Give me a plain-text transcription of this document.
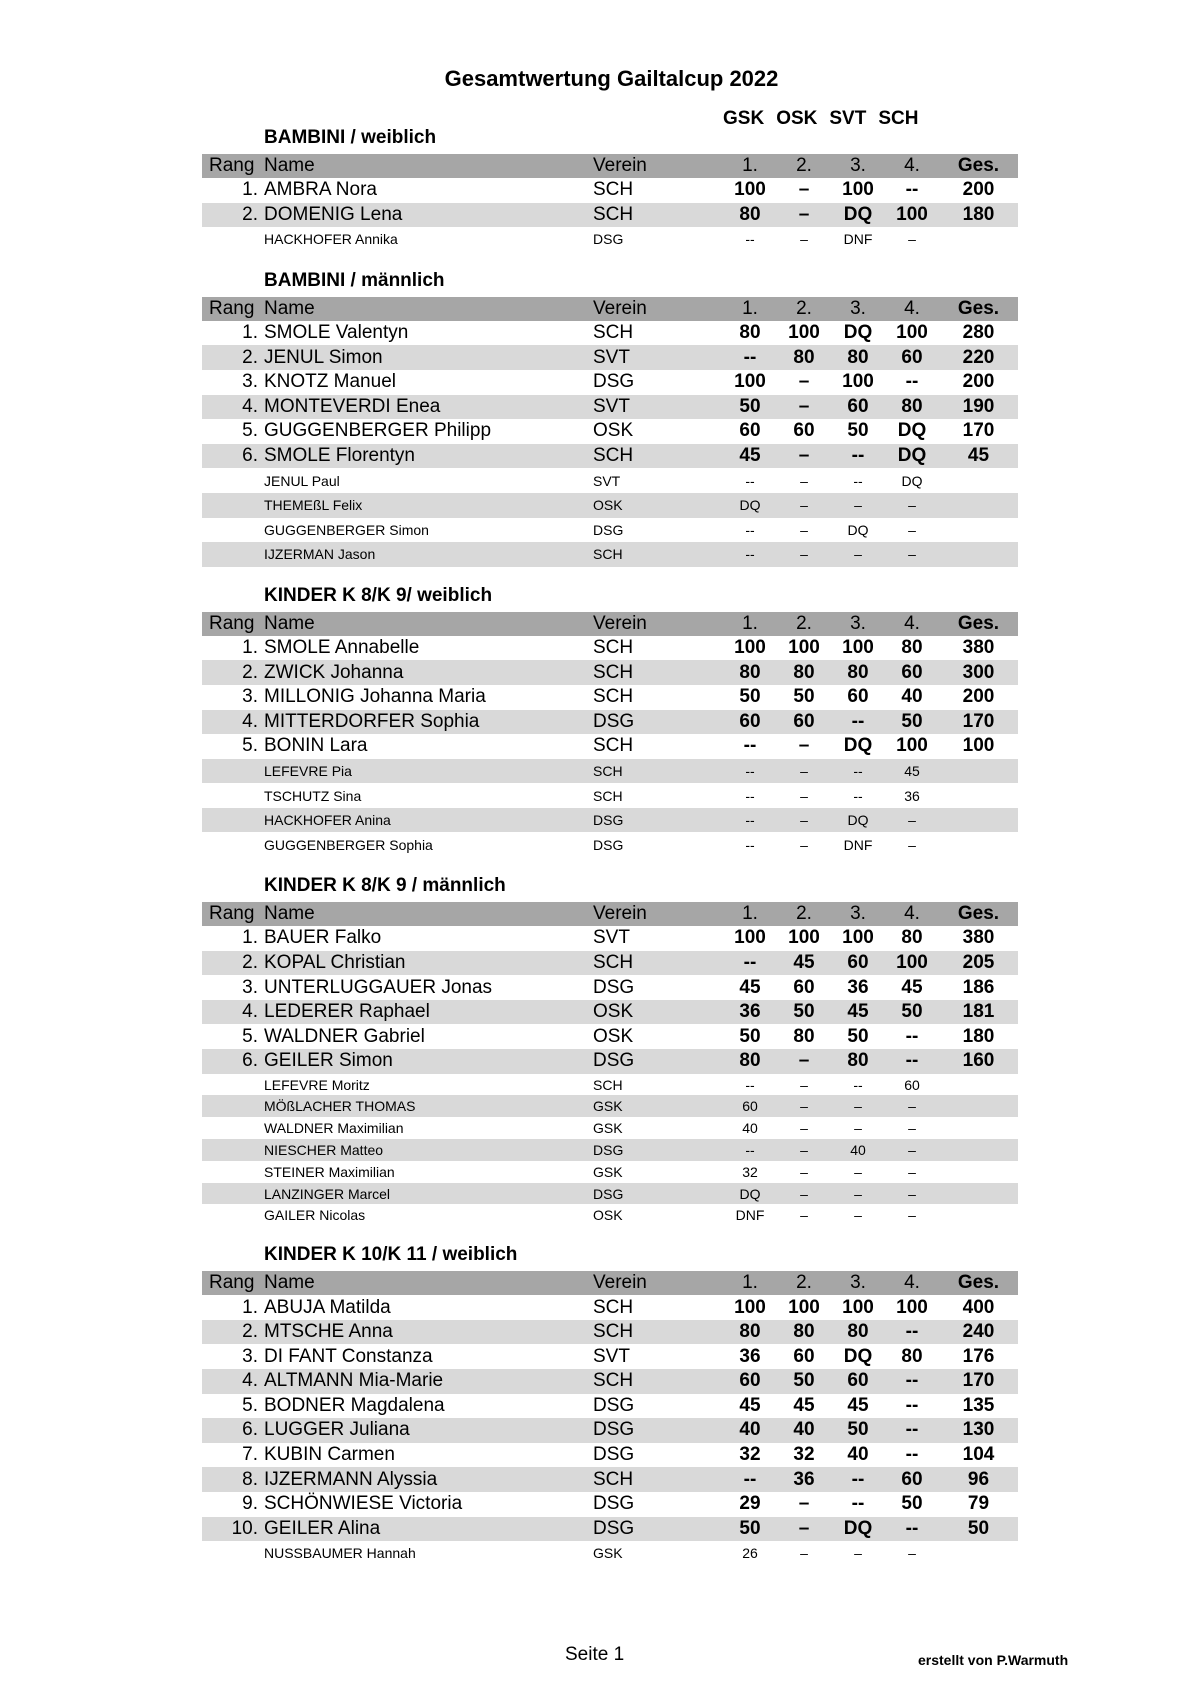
Gesamtwertung Gailtalcup 2022
GSK OSK SVT SCH
BAMBINI / weiblich
Rang	Name	Verein	1.	2.	3.	4.	Ges.
1.	AMBRA Nora	SCH	100	–	100	--	200
2.	DOMENIG Lena	SCH	80	–	DQ	100	180
	HACKHOFER Annika	DSG	--	–	DNF	–	
BAMBINI / männlich
Rang	Name	Verein	1.	2.	3.	4.	Ges.
1.	SMOLE Valentyn	SCH	80	100	DQ	100	280
2.	JENUL Simon	SVT	--	80	80	60	220
3.	KNOTZ Manuel	DSG	100	–	100	--	200
4.	MONTEVERDI Enea	SVT	50	–	60	80	190
5.	GUGGENBERGER Philipp	OSK	60	60	50	DQ	170
6.	SMOLE Florentyn	SCH	45	–	--	DQ	45
	JENUL Paul	SVT	--	–	--	DQ	
	THEMEßL Felix	OSK	DQ	–	–	–	
	GUGGENBERGER Simon	DSG	--	–	DQ	–	
	IJZERMAN Jason	SCH	--	–	–	–	
KINDER K 8/K 9/ weiblich
Rang	Name	Verein	1.	2.	3.	4.	Ges.
1.	SMOLE Annabelle	SCH	100	100	100	80	380
2.	ZWICK Johanna	SCH	80	80	80	60	300
3.	MILLONIG Johanna Maria	SCH	50	50	60	40	200
4.	MITTERDORFER Sophia	DSG	60	60	--	50	170
5.	BONIN Lara	SCH	--	–	DQ	100	100
	LEFEVRE Pia	SCH	--	–	--	45	
	TSCHUTZ Sina	SCH	--	–	--	36	
	HACKHOFER Anina	DSG	--	–	DQ	–	
	GUGGENBERGER Sophia	DSG	--	–	DNF	–	
KINDER K 8/K 9 / männlich
Rang	Name	Verein	1.	2.	3.	4.	Ges.
1.	BAUER Falko	SVT	100	100	100	80	380
2.	KOPAL Christian	SCH	--	45	60	100	205
3.	UNTERLUGGAUER Jonas	DSG	45	60	36	45	186
4.	LEDERER Raphael	OSK	36	50	45	50	181
5.	WALDNER Gabriel	OSK	50	80	50	--	180
6.	GEILER Simon	DSG	80	–	80	--	160
	LEFEVRE Moritz	SCH	--	–	--	60	
	MÖßLACHER THOMAS	GSK	60	–	–	–	
	WALDNER Maximilian	GSK	40	–	–	–	
	NIESCHER Matteo	DSG	--	–	40	–	
	STEINER Maximilian	GSK	32	–	–	–	
	LANZINGER Marcel	DSG	DQ	–	–	–	
	GAILER Nicolas	OSK	DNF	–	–	–	
KINDER K 10/K 11 / weiblich
Rang	Name	Verein	1.	2.	3.	4.	Ges.
1.	ABUJA Matilda	SCH	100	100	100	100	400
2.	MTSCHE Anna	SCH	80	80	80	--	240
3.	DI FANT Constanza	SVT	36	60	DQ	80	176
4.	ALTMANN Mia-Marie	SCH	60	50	60	--	170
5.	BODNER Magdalena	DSG	45	45	45	--	135
6.	LUGGER Juliana	DSG	40	40	50	--	130
7.	KUBIN Carmen	DSG	32	32	40	--	104
8.	IJZERMANN Alyssia	SCH	--	36	--	60	96
9.	SCHÖNWIESE Victoria	DSG	29	–	--	50	79
10.	GEILER Alina	DSG	50	–	DQ	--	50
	NUSSBAUMER Hannah	GSK	26	–	–	–	
Seite 1	erstellt von P.Warmuth
